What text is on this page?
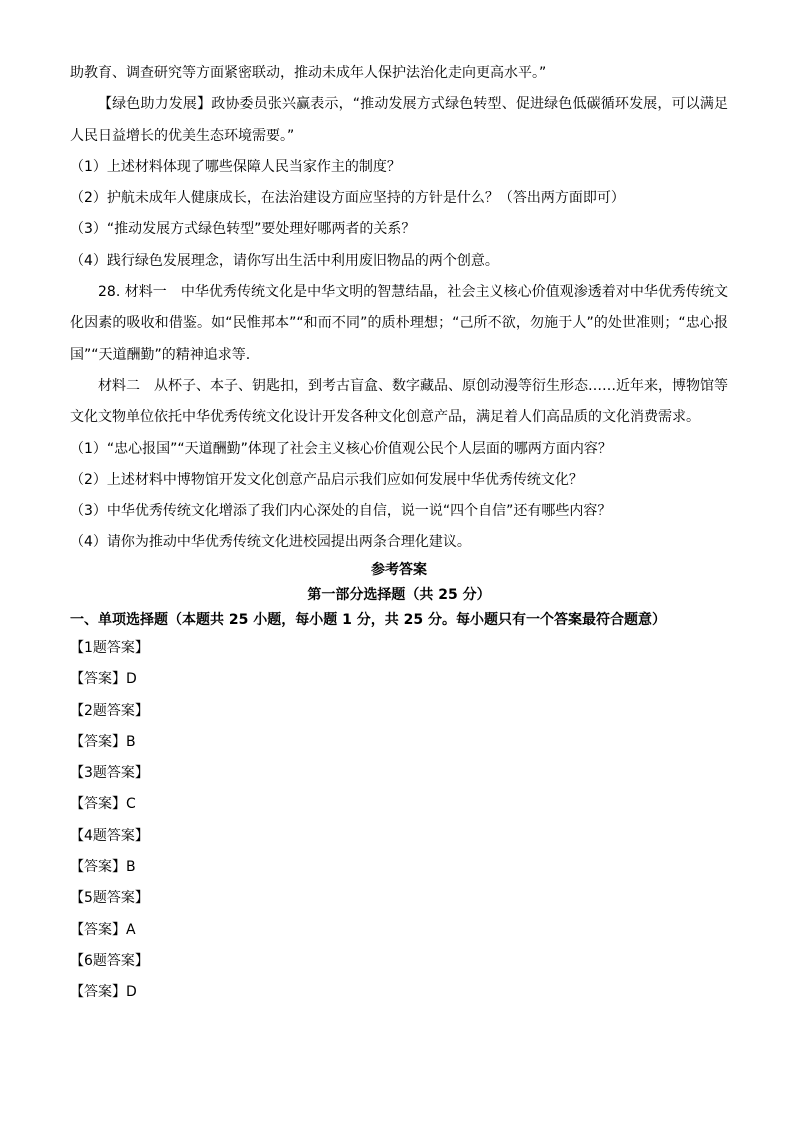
助教育、调查研究等方面紧密联动，推动未成年人保护法治化走向更高水平。”

【绿色助力发展】政协委员张兴赢表示，“推动发展方式绿色转型、促进绿色低碳循环发展，可以满足人民日益增长的优美生态环境需要。”

（1）上述材料体现了哪些保障人民当家作主的制度？

（2）护航未成年人健康成长，在法治建设方面应坚持的方针是什么？（答出两方面即可）

（3）“推动发展方式绿色转型”要处理好哪两者的关系？

（4）践行绿色发展理念，请你写出生活中利用废旧物品的两个创意。

28. 材料一　中华优秀传统文化是中华文明的智慧结晶，社会主义核心价值观渗透着对中华优秀传统文化因素的吸收和借鉴。如“民惟邦本”“和而不同”的质朴理想；“己所不欲，勿施于人”的处世准则；“忠心报国”“天道酬勤”的精神追求等.

材料二　从杯子、本子、钥匙扣，到考古盲盒、数字藏品、原创动漫等衍生形态……近年来，博物馆等文化文物单位依托中华优秀传统文化设计开发各种文化创意产品，满足着人们高品质的文化消费需求。

（1）“忠心报国”“天道酬勤”体现了社会主义核心价值观公民个人层面的哪两方面内容？

（2）上述材料中博物馆开发文化创意产品启示我们应如何发展中华优秀传统文化？

（3）中华优秀传统文化增添了我们内心深处的自信，说一说“四个自信”还有哪些内容？

（4）请你为推动中华优秀传统文化进校园提出两条合理化建议。

参考答案
第一部分选择题（共 25 分）
一、单项选择题（本题共 25 小题，每小题 1 分，共 25 分。每小题只有一个答案最符合题意）
【1题答案】
【答案】D
【2题答案】
【答案】B
【3题答案】
【答案】C
【4题答案】
【答案】B
【5题答案】
【答案】A
【6题答案】
【答案】D
